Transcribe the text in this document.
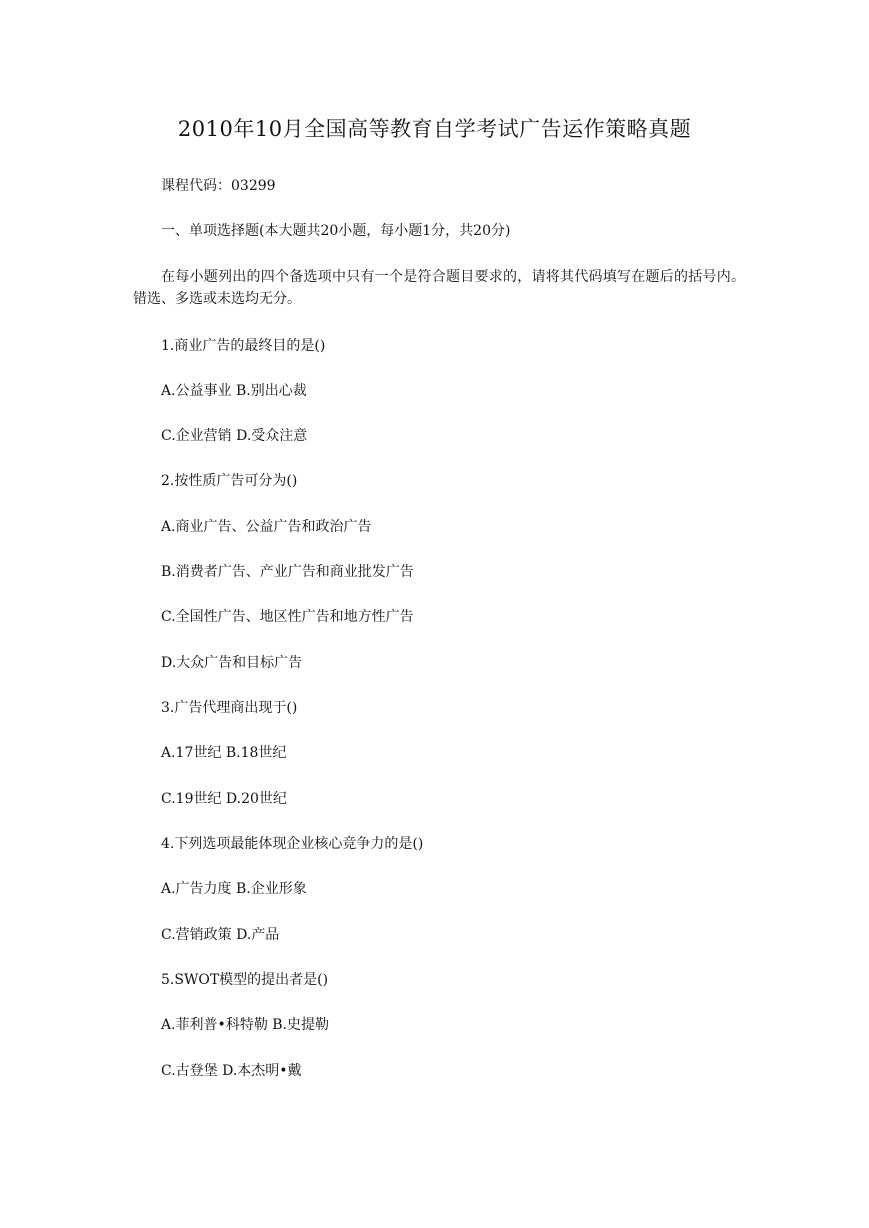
2010年10月全国高等教育自学考试广告运作策略真题
课程代码：03299
一、单项选择题(本大题共20小题，每小题1分，共20分)
在每小题列出的四个备选项中只有一个是符合题目要求的，请将其代码填写在题后的括号内。错选、多选或未选均无分。
1.商业广告的最终目的是()
A.公益事业 B.别出心裁
C.企业营销 D.受众注意
2.按性质广告可分为()
A.商业广告、公益广告和政治广告
B.消费者广告、产业广告和商业批发广告
C.全国性广告、地区性广告和地方性广告
D.大众广告和目标广告
3.广告代理商出现于()
A.17世纪 B.18世纪
C.19世纪 D.20世纪
4.下列选项最能体现企业核心竞争力的是()
A.广告力度 B.企业形象
C.营销政策 D.产品
5.SWOT模型的提出者是()
A.菲利普•科特勒 B.史提勒
C.古登堡 D.本杰明•戴
